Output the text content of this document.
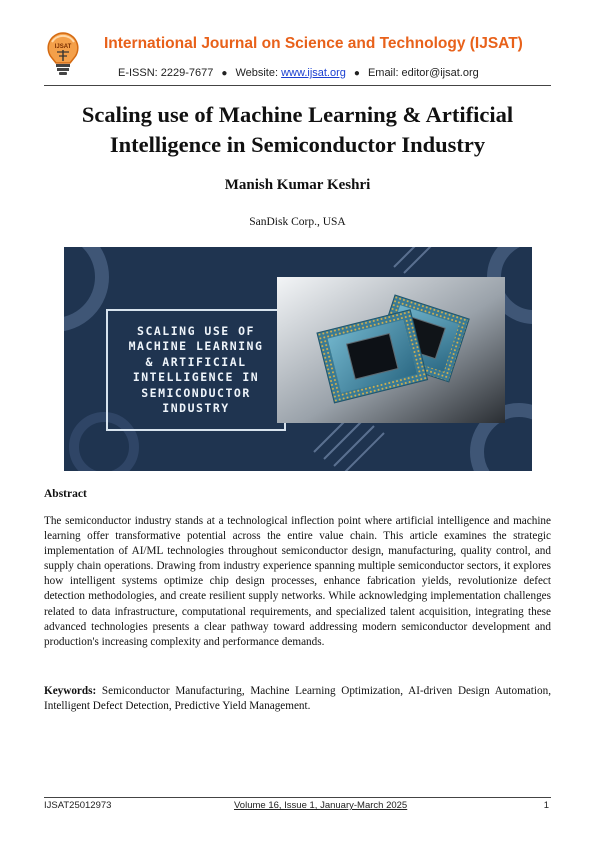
IJSAT International Journal on Science and Technology (IJSAT)
E-ISSN: 2229-7677 ● Website: www.ijsat.org ● Email: editor@ijsat.org
Scaling use of Machine Learning & Artificial Intelligence in Semiconductor Industry
Manish Kumar Keshri
SanDisk Corp., USA
SCALING USE OF
MACHINE LEARNING
& ARTIFICIAL
INTELLIGENCE IN
SEMICONDUCTOR
INDUSTRY
Abstract
The semiconductor industry stands at a technological inflection point where artificial intelligence and machine learning offer transformative potential across the entire value chain. This article examines the strategic implementation of AI/ML technologies throughout semiconductor design, manufacturing, quality control, and supply chain operations. Drawing from industry experience spanning multiple semiconductor sectors, it explores how intelligent systems optimize chip design processes, enhance fabrication yields, revolutionize defect detection methodologies, and create resilient supply networks. While acknowledging implementation challenges related to data infrastructure, computational requirements, and specialized talent acquisition, integrating these advanced technologies presents a clear pathway toward addressing modern semiconductor development and production's increasing complexity and performance demands.
Keywords: Semiconductor Manufacturing, Machine Learning Optimization, AI-driven Design Automation, Intelligent Defect Detection, Predictive Yield Management.
IJSAT25012973	Volume 16, Issue 1, January-March 2025	1
